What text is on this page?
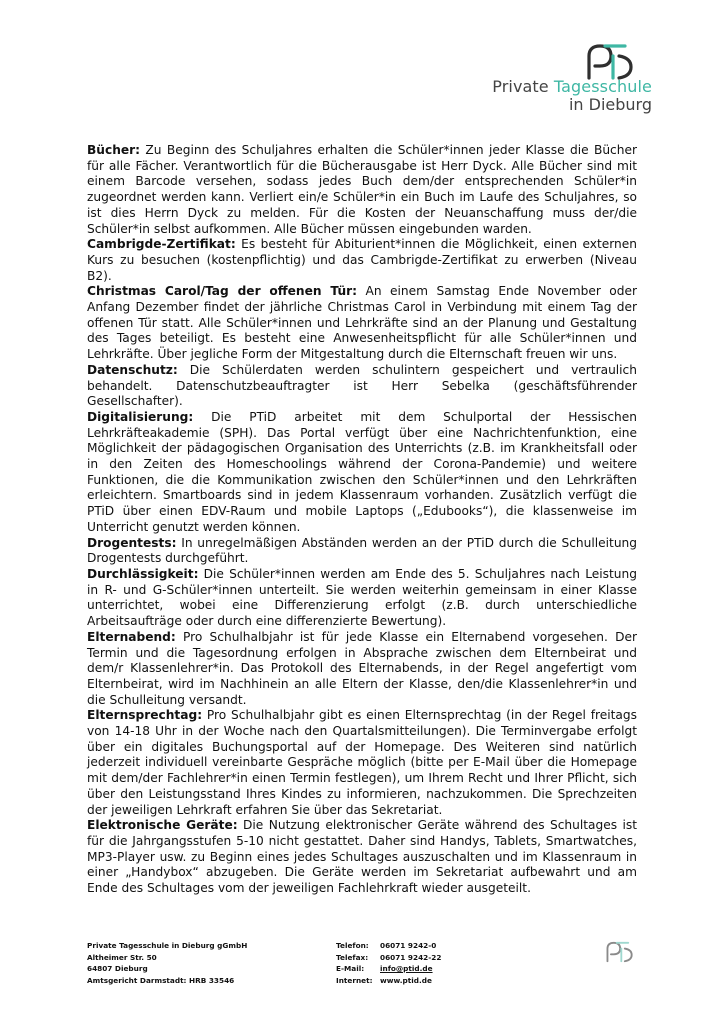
Private Tagesschule
in Dieburg

Bücher: Zu Beginn des Schuljahres erhalten die Schüler*innen jeder Klasse die Bücher für alle Fächer. Verantwortlich für die Bücherausgabe ist Herr Dyck. Alle Bücher sind mit einem Barcode versehen, sodass jedes Buch dem/der entsprechenden Schüler*in zugeordnet werden kann. Verliert ein/e Schüler*in ein Buch im Laufe des Schuljahres, so ist dies Herrn Dyck zu melden. Für die Kosten der Neuanschaffung muss der/die Schüler*in selbst aufkommen. Alle Bücher müssen eingebunden warden.

Cambrigde-Zertifikat: Es besteht für Abiturient*innen die Möglichkeit, einen externen Kurs zu besuchen (kostenpflichtig) und das Cambrigde-Zertifikat zu erwerben (Niveau B2).

Christmas Carol/Tag der offenen Tür: An einem Samstag Ende November oder Anfang Dezember findet der jährliche Christmas Carol in Verbindung mit einem Tag der offenen Tür statt. Alle Schüler*innen und Lehrkräfte sind an der Planung und Gestaltung des Tages beteiligt. Es besteht eine Anwesenheitspflicht für alle Schüler*innen und Lehrkräfte. Über jegliche Form der Mitgestaltung durch die Elternschaft freuen wir uns.

Datenschutz: Die Schülerdaten werden schulintern gespeichert und vertraulich behandelt. Datenschutzbeauftragter ist Herr Sebelka (geschäftsführender Gesellschafter).

Digitalisierung: Die PTiD arbeitet mit dem Schulportal der Hessischen Lehrkräfteakademie (SPH). Das Portal verfügt über eine Nachrichtenfunktion, eine Möglichkeit der pädagogischen Organisation des Unterrichts (z.B. im Krankheitsfall oder in den Zeiten des Homeschoolings während der Corona-Pandemie) und weitere Funktionen, die die Kommunikation zwischen den Schüler*innen und den Lehrkräften erleichtern. Smartboards sind in jedem Klassenraum vorhanden. Zusätzlich verfügt die PTiD über einen EDV-Raum und mobile Laptops („Edubooks“), die klassenweise im Unterricht genutzt werden können.

Drogentests: In unregelmäßigen Abständen werden an der PTiD durch die Schulleitung Drogentests durchgeführt.

Durchlässigkeit: Die Schüler*innen werden am Ende des 5. Schuljahres nach Leistung in R- und G-Schüler*innen unterteilt. Sie werden weiterhin gemeinsam in einer Klasse unterrichtet, wobei eine Differenzierung erfolgt (z.B. durch unterschiedliche Arbeitsaufträge oder durch eine differenzierte Bewertung).

Elternabend: Pro Schulhalbjahr ist für jede Klasse ein Elternabend vorgesehen. Der Termin und die Tagesordnung erfolgen in Absprache zwischen dem Elternbeirat und dem/r Klassenlehrer*in. Das Protokoll des Elternabends, in der Regel angefertigt vom Elternbeirat, wird im Nachhinein an alle Eltern der Klasse, den/die Klassenlehrer*in und die Schulleitung versandt.

Elternsprechtag: Pro Schulhalbjahr gibt es einen Elternsprechtag (in der Regel freitags von 14-18 Uhr in der Woche nach den Quartalsmitteilungen). Die Terminvergabe erfolgt über ein digitales Buchungsportal auf der Homepage. Des Weiteren sind natürlich jederzeit individuell vereinbarte Gespräche möglich (bitte per E-Mail über die Homepage mit dem/der Fachlehrer*in einen Termin festlegen), um Ihrem Recht und Ihrer Pflicht, sich über den Leistungsstand Ihres Kindes zu informieren, nachzukommen. Die Sprechzeiten der jeweiligen Lehrkraft erfahren Sie über das Sekretariat.

Elektronische Geräte: Die Nutzung elektronischer Geräte während des Schultages ist für die Jahrgangsstufen 5-10 nicht gestattet. Daher sind Handys, Tablets, Smartwatches, MP3-Player usw. zu Beginn eines jedes Schultages auszuschalten und im Klassenraum in einer „Handybox“ abzugeben. Die Geräte werden im Sekretariat aufbewahrt und am Ende des Schultages vom der jeweiligen Fachlehrkraft wieder ausgeteilt.

Private Tagesschule in Dieburg gGmbH
Altheimer Str. 50
64807 Dieburg
Amtsgericht Darmstadt: HRB 33546
Telefon:	06071 9242-0
Telefax:	06071 9242-22
E-Mail:	info@ptid.de
Internet:	www.ptid.de
